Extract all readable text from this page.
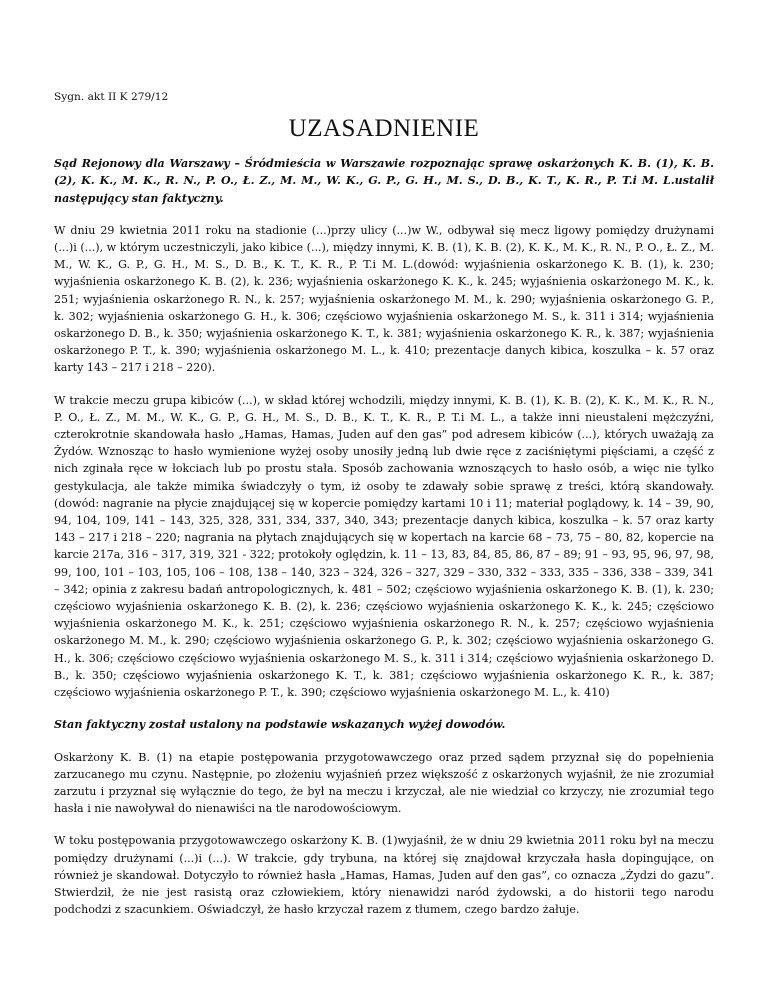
Sygn. akt II K 279/12
UZASADNIENIE

Sąd Rejonowy dla Warszawy – Śródmieścia w Warszawie rozpoznając sprawę oskarżonych K. B. (1), K. B. (2), K. K., M. K., R. N., P. O., Ł. Z., M. M., W. K., G. P., G. H., M. S., D. B., K. T., K. R., P. T.i M. L.ustalił następujący stan faktyczny.

W dniu 29 kwietnia 2011 roku na stadionie (...)przy ulicy (...)w W., odbywał się mecz ligowy pomiędzy drużynami (...)i (...), w którym uczestniczyli, jako kibice (...), między innymi, K. B. (1), K. B. (2), K. K., M. K., R. N., P. O., Ł. Z., M. M., W. K., G. P., G. H., M. S., D. B., K. T., K. R., P. T.i M. L.(dowód: wyjaśnienia oskarżonego K. B. (1), k. 230; wyjaśnienia oskarżonego K. B. (2), k. 236; wyjaśnienia oskarżonego K. K., k. 245; wyjaśnienia oskarżonego M. K., k. 251; wyjaśnienia oskarżonego R. N., k. 257; wyjaśnienia oskarżonego M. M., k. 290; wyjaśnienia oskarżonego G. P., k. 302; wyjaśnienia oskarżonego G. H., k. 306; częściowo wyjaśnienia oskarżonego M. S., k. 311 i 314; wyjaśnienia oskarżonego D. B., k. 350; wyjaśnienia oskarżonego K. T., k. 381; wyjaśnienia oskarżonego K. R., k. 387; wyjaśnienia oskarżonego P. T., k. 390; wyjaśnienia oskarżonego M. L., k. 410; prezentacje danych kibica, koszulka – k. 57 oraz karty 143 – 217 i 218 – 220).

W trakcie meczu grupa kibiców (...), w skład której wchodzili, między innymi, K. B. (1), K. B. (2), K. K., M. K., R. N., P. O., Ł. Z., M. M., W. K., G. P., G. H., M. S., D. B., K. T., K. R., P. T.i M. L., a także inni nieustaleni mężczyźni, czterokrotnie skandowała hasło „Hamas, Hamas, Juden auf den gas” pod adresem kibiców (...), których uważają za Żydów. Wznosząc to hasło wymienione wyżej osoby unosiły jedną lub dwie ręce z zaciśniętymi pięściami, a część z nich zginała ręce w łokciach lub po prostu stała. Sposób zachowania wznoszących to hasło osób, a więc nie tylko gestykulacja, ale także mimika świadczyły o tym, iż osoby te zdawały sobie sprawę z treści, którą skandowały. (dowód: nagranie na płycie znajdującej się w kopercie pomiędzy kartami 10 i 11; materiał poglądowy, k. 14 – 39, 90, 94, 104, 109, 141 – 143, 325, 328, 331, 334, 337, 340, 343; prezentacje danych kibica, koszulka – k. 57 oraz karty 143 – 217 i 218 – 220; nagrania na płytach znajdujących się w kopertach na karcie 68 – 73, 75 – 80, 82, kopercie na karcie 217a, 316 – 317, 319, 321 - 322; protokoły oględzin, k. 11 – 13, 83, 84, 85, 86, 87 – 89; 91 – 93, 95, 96, 97, 98, 99, 100, 101 – 103, 105, 106 – 108, 138 – 140, 323 – 324, 326 – 327, 329 – 330, 332 – 333, 335 – 336, 338 – 339, 341 – 342; opinia z zakresu badań antropologicznych, k. 481 – 502; częściowo wyjaśnienia oskarżonego K. B. (1), k. 230; częściowo wyjaśnienia oskarżonego K. B. (2), k. 236; częściowo wyjaśnienia oskarżonego K. K., k. 245; częściowo wyjaśnienia oskarżonego M. K., k. 251; częściowo wyjaśnienia oskarżonego R. N., k. 257; częściowo wyjaśnienia oskarżonego M. M., k. 290; częściowo wyjaśnienia oskarżonego G. P., k. 302; częściowo wyjaśnienia oskarżonego G. H., k. 306; częściowo częściowo wyjaśnienia oskarżonego M. S., k. 311 i 314; częściowo wyjaśnienia oskarżonego D. B., k. 350; częściowo wyjaśnienia oskarżonego K. T., k. 381; częściowo wyjaśnienia oskarżonego K. R., k. 387; częściowo wyjaśnienia oskarżonego P. T., k. 390; częściowo wyjaśnienia oskarżonego M. L., k. 410)

Stan faktyczny został ustalony na podstawie wskazanych wyżej dowodów.

Oskarżony K. B. (1) na etapie postępowania przygotowawczego oraz przed sądem przyznał się do popełnienia zarzucanego mu czynu. Następnie, po złożeniu wyjaśnień przez większość z oskarżonych wyjaśnił, że nie zrozumiał zarzutu i przyznał się wyłącznie do tego, że był na meczu i krzyczał, ale nie wiedział co krzyczy, nie zrozumiał tego hasła i nie nawoływał do nienawiści na tle narodowościowym.

W toku postępowania przygotowawczego oskarżony K. B. (1)wyjaśnił, że w dniu 29 kwietnia 2011 roku był na meczu pomiędzy drużynami (...)i (...). W trakcie, gdy trybuna, na której się znajdował krzyczała hasła dopingujące, on również je skandował. Dotyczyło to również hasła „Hamas, Hamas, Juden auf den gas”, co oznacza „Żydzi do gazu”. Stwierdził, że nie jest rasistą oraz człowiekiem, który nienawidzi naród żydowski, a do historii tego narodu podchodzi z szacunkiem. Oświadczył, że hasło krzyczał razem z tłumem, czego bardzo żałuje.
